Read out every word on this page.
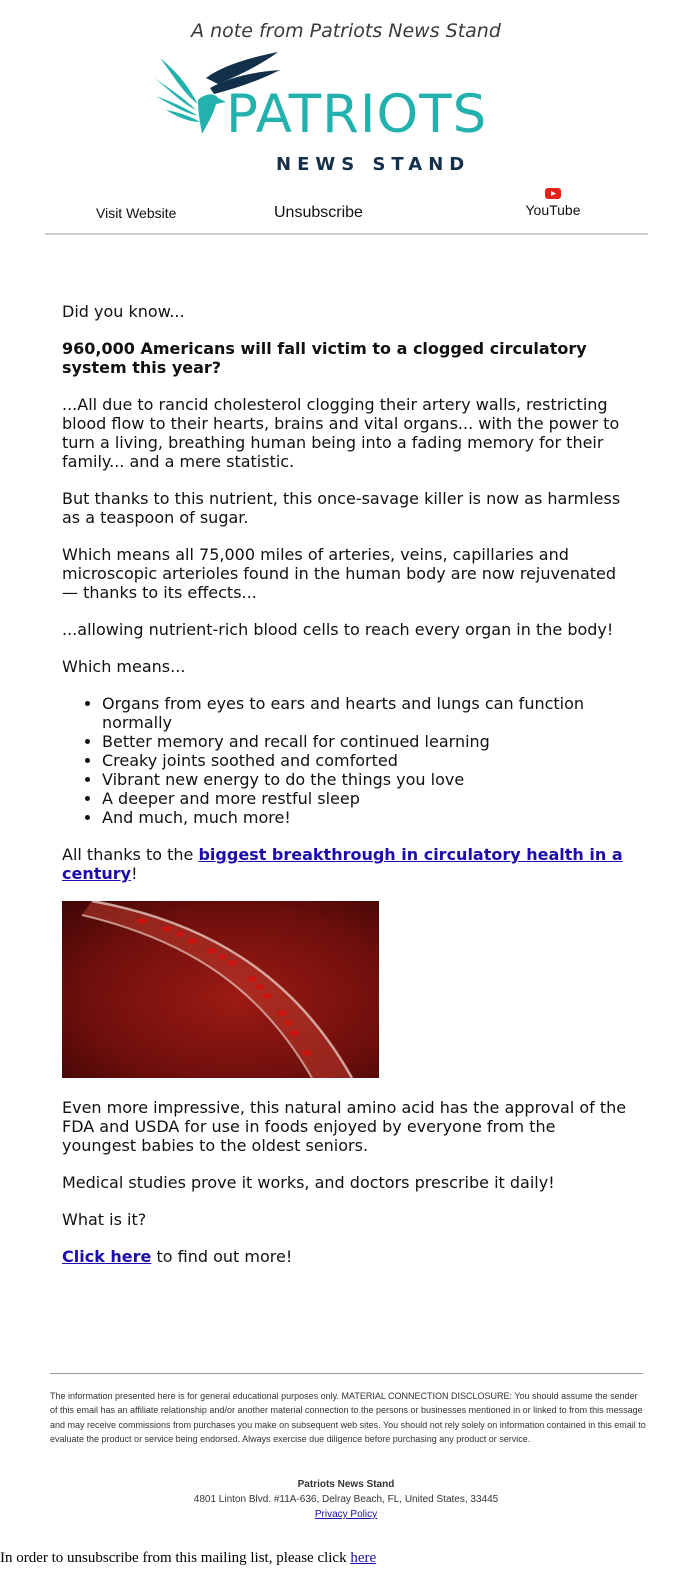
A note from Patriots News Stand
PATRIOTS
NEWS STAND
Visit Website	Unsubscribe	YouTube

Did you know...

960,000 Americans will fall victim to a clogged circulatory system this year?

...All due to rancid cholesterol clogging their artery walls, restricting blood flow to their hearts, brains and vital organs... with the power to turn a living, breathing human being into a fading memory for their family... and a mere statistic.

But thanks to this nutrient, this once-savage killer is now as harmless as a teaspoon of sugar.

Which means all 75,000 miles of arteries, veins, capillaries and microscopic arterioles found in the human body are now rejuvenated — thanks to its effects...

...allowing nutrient-rich blood cells to reach every organ in the body!

Which means...

• Organs from eyes to ears and hearts and lungs can function normally
• Better memory and recall for continued learning
• Creaky joints soothed and comforted
• Vibrant new energy to do the things you love
• A deeper and more restful sleep
• And much, much more!

All thanks to the biggest breakthrough in circulatory health in a century!

Even more impressive, this natural amino acid has the approval of the FDA and USDA for use in foods enjoyed by everyone from the youngest babies to the oldest seniors.

Medical studies prove it works, and doctors prescribe it daily!

What is it?

Click here to find out more!

The information presented here is for general educational purposes only. MATERIAL CONNECTION DISCLOSURE: You should assume the sender of this email has an affiliate relationship and/or another material connection to the persons or businesses mentioned in or linked to from this message and may receive commissions from purchases you make on subsequent web sites. You should not rely solely on information contained in this email to evaluate the product or service being endorsed. Always exercise due diligence before purchasing any product or service.

Patriots News Stand
4801 Linton Blvd. #11A-636, Delray Beach, FL, United States, 33445
Privacy Policy
In order to unsubscribe from this mailing list, please click here
